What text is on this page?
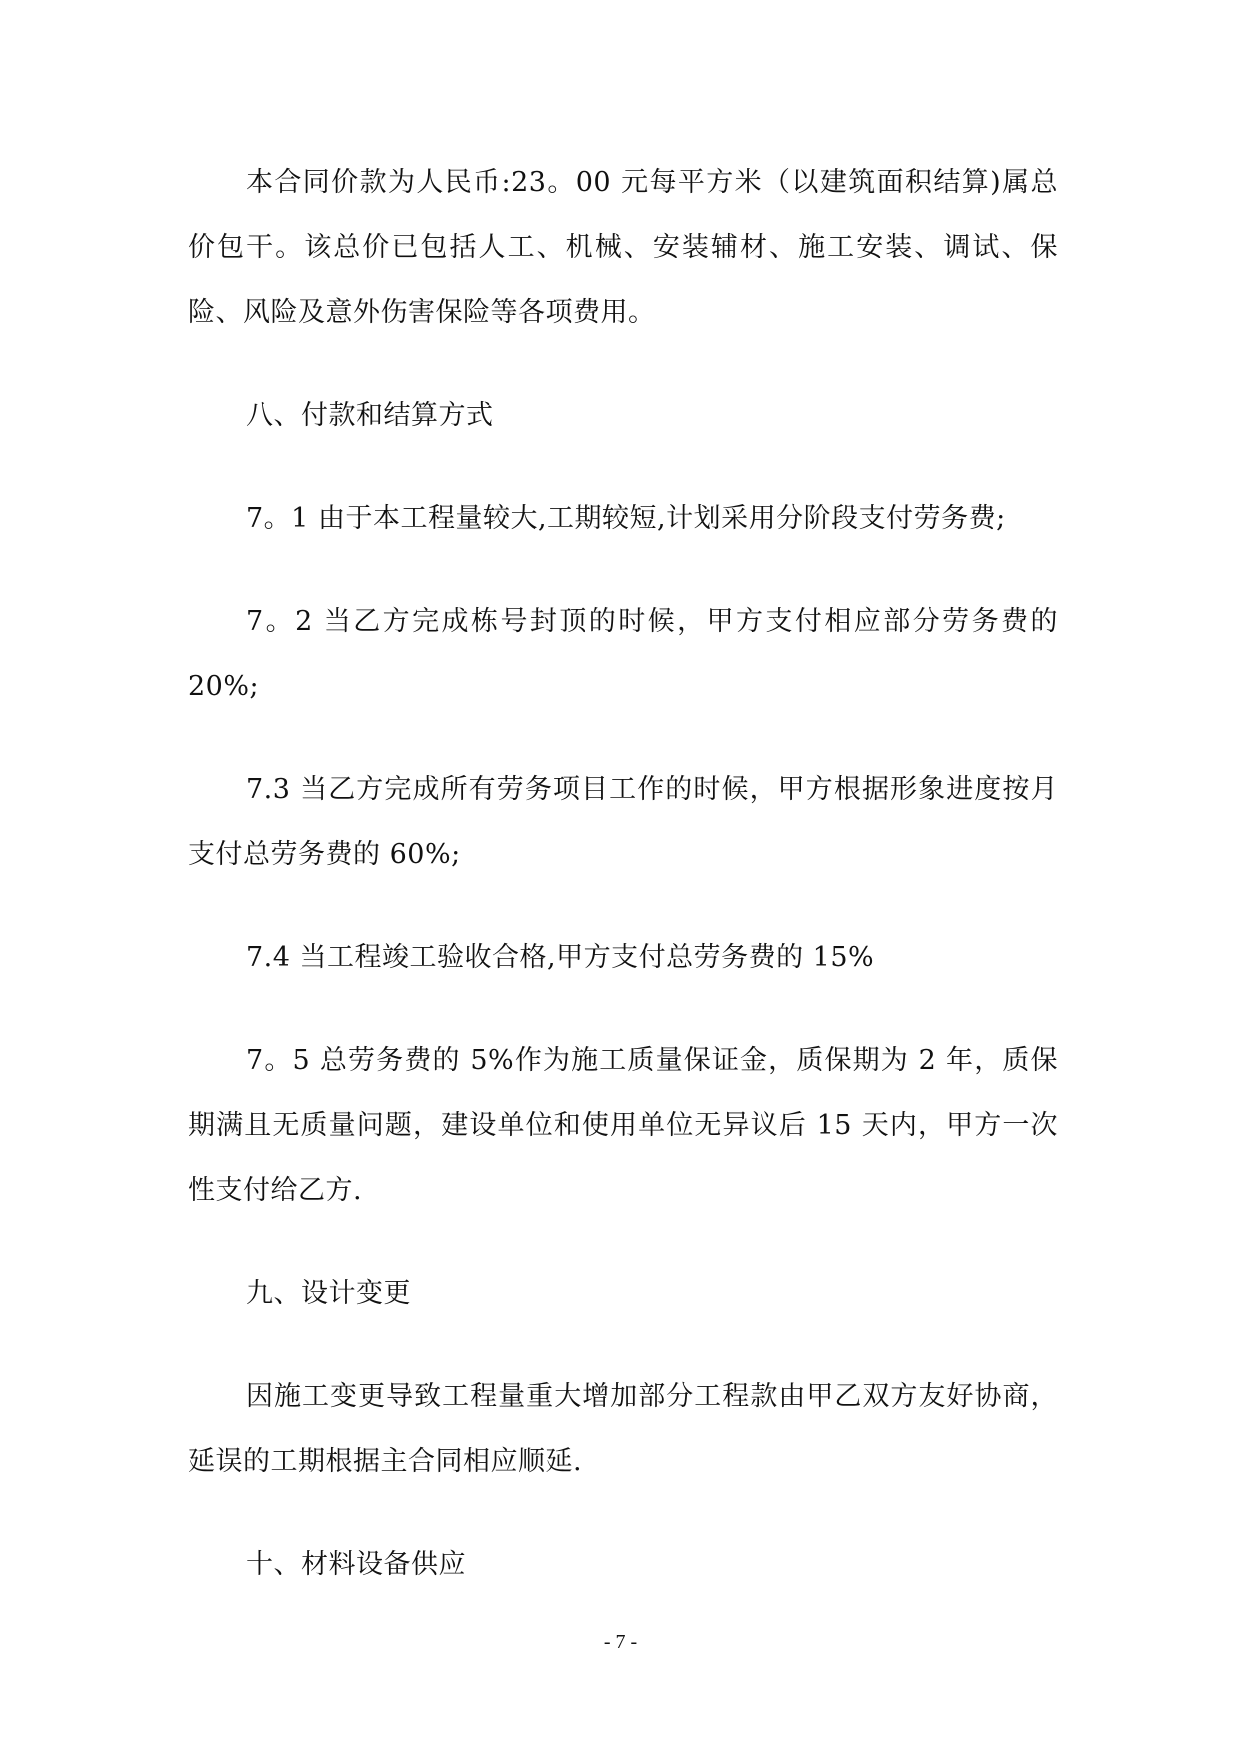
本合同价款为人民币:23。00 元每平方米（以建筑面积结算)属总价包干。该总价已包括人工、机械、安装辅材、施工安装、调试、保险、风险及意外伤害保险等各项费用。

八、付款和结算方式

7。1 由于本工程量较大,工期较短,计划采用分阶段支付劳务费;

7。2 当乙方完成栋号封顶的时候，甲方支付相应部分劳务费的20%;

7.3 当乙方完成所有劳务项目工作的时候，甲方根据形象进度按月支付总劳务费的 60%;

7.4 当工程竣工验收合格,甲方支付总劳务费的 15%

7。5 总劳务费的 5%作为施工质量保证金，质保期为 2 年，质保期满且无质量问题，建设单位和使用单位无异议后 15 天内，甲方一次性支付给乙方.

九、设计变更

因施工变更导致工程量重大增加部分工程款由甲乙双方友好协商，延误的工期根据主合同相应顺延.

十、材料设备供应

- 7 -
